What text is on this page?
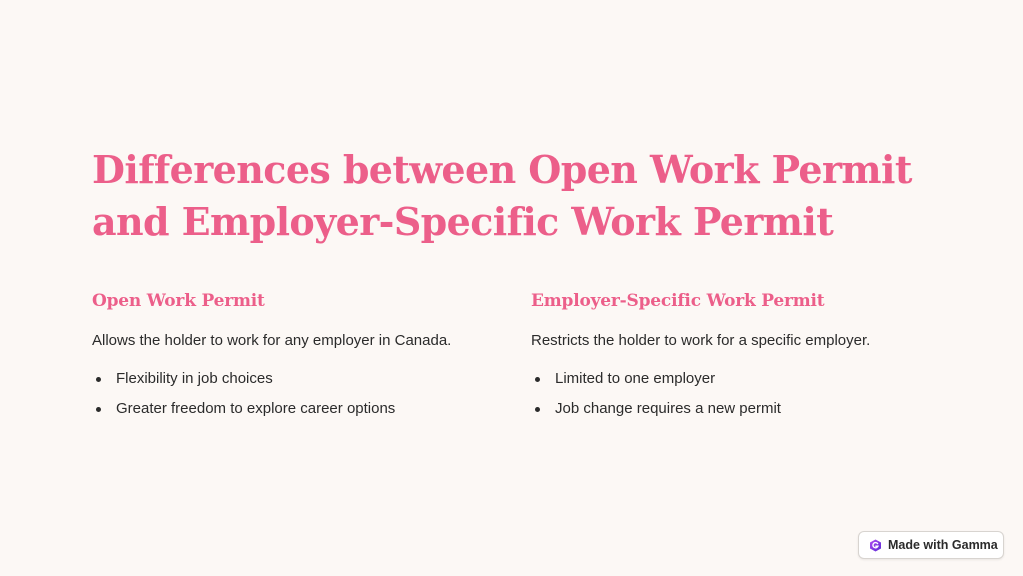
Differences between Open Work Permit and Employer-Specific Work Permit
Open Work Permit

Allows the holder to work for any employer in Canada.

Flexibility in job choices
Greater freedom to explore career options
Employer-Specific Work Permit

Restricts the holder to work for a specific employer.

Limited to one employer
Job change requires a new permit
Made with Gamma
